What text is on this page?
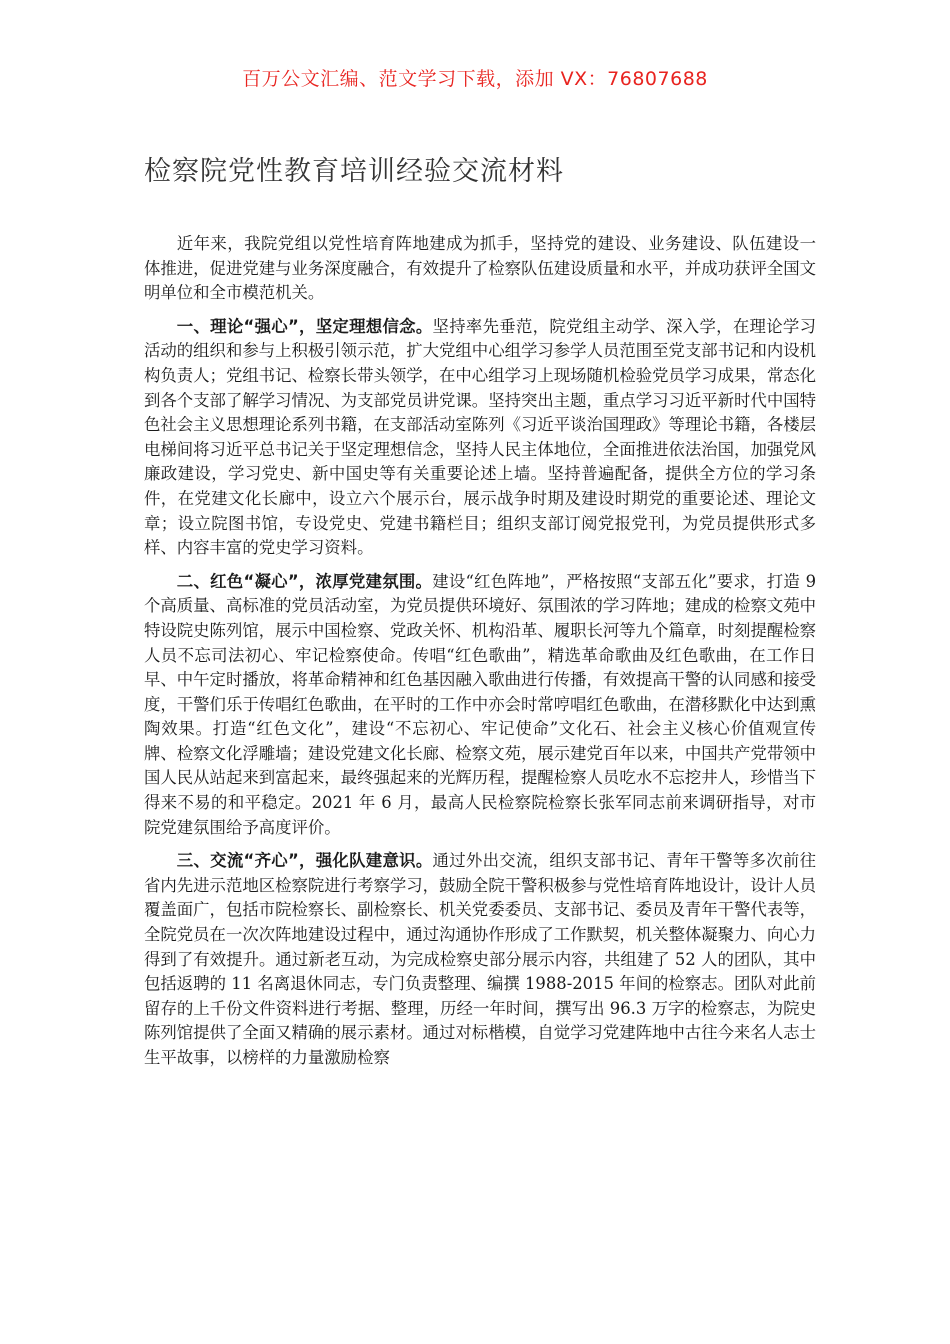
百万公文汇编、范文学习下载，添加 VX：76807688
检察院党性教育培训经验交流材料

近年来，我院党组以党性培育阵地建成为抓手，坚持党的建设、业务建设、队伍建设一体推进，促进党建与业务深度融合，有效提升了检察队伍建设质量和水平，并成功获评全国文明单位和全市模范机关。

一、理论“强心”，坚定理想信念。坚持率先垂范，院党组主动学、深入学，在理论学习活动的组织和参与上积极引领示范，扩大党组中心组学习参学人员范围至党支部书记和内设机构负责人；党组书记、检察长带头领学，在中心组学习上现场随机检验党员学习成果，常态化到各个支部了解学习情况、为支部党员讲党课。坚持突出主题，重点学习习近平新时代中国特色社会主义思想理论系列书籍，在支部活动室陈列《习近平谈治国理政》等理论书籍，各楼层电梯间将习近平总书记关于坚定理想信念，坚持人民主体地位，全面推进依法治国，加强党风廉政建设，学习党史、新中国史等有关重要论述上墙。坚持普遍配备，提供全方位的学习条件，在党建文化长廊中，设立六个展示台，展示战争时期及建设时期党的重要论述、理论文章；设立院图书馆，专设党史、党建书籍栏目；组织支部订阅党报党刊，为党员提供形式多样、内容丰富的党史学习资料。

二、红色“凝心”，浓厚党建氛围。建设“红色阵地”，严格按照“支部五化”要求，打造 9 个高质量、高标准的党员活动室，为党员提供环境好、氛围浓的学习阵地；建成的检察文苑中特设院史陈列馆，展示中国检察、党政关怀、机构沿革、履职长河等九个篇章，时刻提醒检察人员不忘司法初心、牢记检察使命。传唱“红色歌曲”，精选革命歌曲及红色歌曲，在工作日早、中午定时播放，将革命精神和红色基因融入歌曲进行传播，有效提高干警的认同感和接受度，干警们乐于传唱红色歌曲，在平时的工作中亦会时常哼唱红色歌曲，在潜移默化中达到熏陶效果。打造“红色文化”，建设“不忘初心、牢记使命”文化石、社会主义核心价值观宣传牌、检察文化浮雕墙；建设党建文化长廊、检察文苑，展示建党百年以来，中国共产党带领中国人民从站起来到富起来，最终强起来的光辉历程，提醒检察人员吃水不忘挖井人，珍惜当下得来不易的和平稳定。2021 年 6 月，最高人民检察院检察长张军同志前来调研指导，对市院党建氛围给予高度评价。

三、交流“齐心”，强化队建意识。通过外出交流，组织支部书记、青年干警等多次前往省内先进示范地区检察院进行考察学习，鼓励全院干警积极参与党性培育阵地设计，设计人员覆盖面广，包括市院检察长、副检察长、机关党委委员、支部书记、委员及青年干警代表等，全院党员在一次次阵地建设过程中，通过沟通协作形成了工作默契，机关整体凝聚力、向心力得到了有效提升。通过新老互动，为完成检察史部分展示内容，共组建了 52 人的团队，其中包括返聘的 11 名离退休同志，专门负责整理、编撰 1988-2015 年间的检察志。团队对此前留存的上千份文件资料进行考据、整理，历经一年时间，撰写出 96.3 万字的检察志，为院史陈列馆提供了全面又精确的展示素材。通过对标楷模，自觉学习党建阵地中古往今来名人志士生平故事，以榜样的力量激励检察
